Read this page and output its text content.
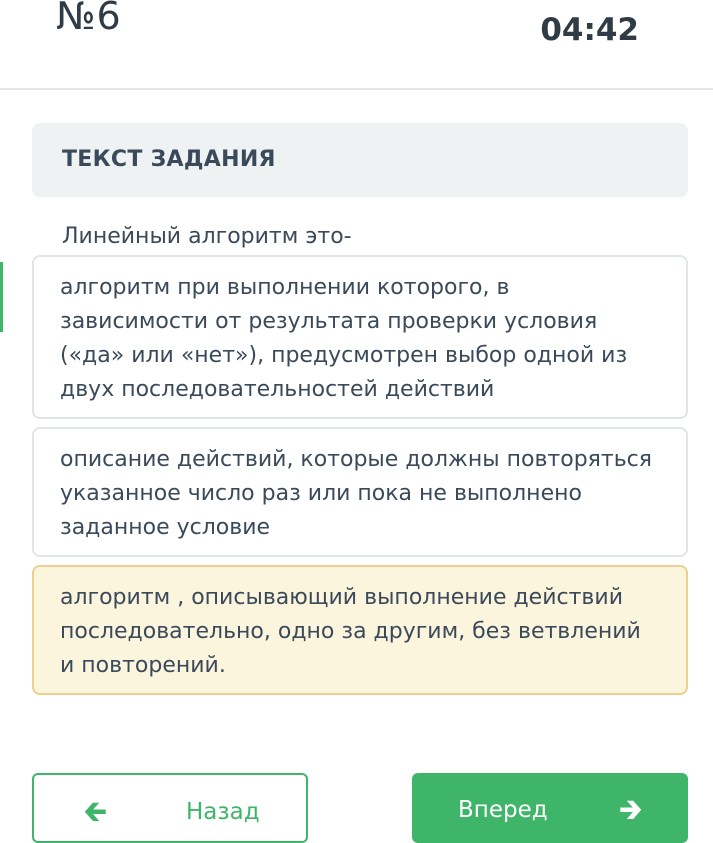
№6	04:42
ТЕКСТ ЗАДАНИЯ
Линейный алгоритм это-
алгоритм при выполнении которого, в зависимости от результата проверки условия («да» или «нет»), предусмотрен выбор одной из двух последовательностей действий
описание действий, которые должны повторяться указанное число раз или пока не выполнено заданное условие
алгоритм , описывающий выполнение действий последовательно, одно за другим, без ветвлений и повторений.
🡰	Назад	Вперед	🡲
